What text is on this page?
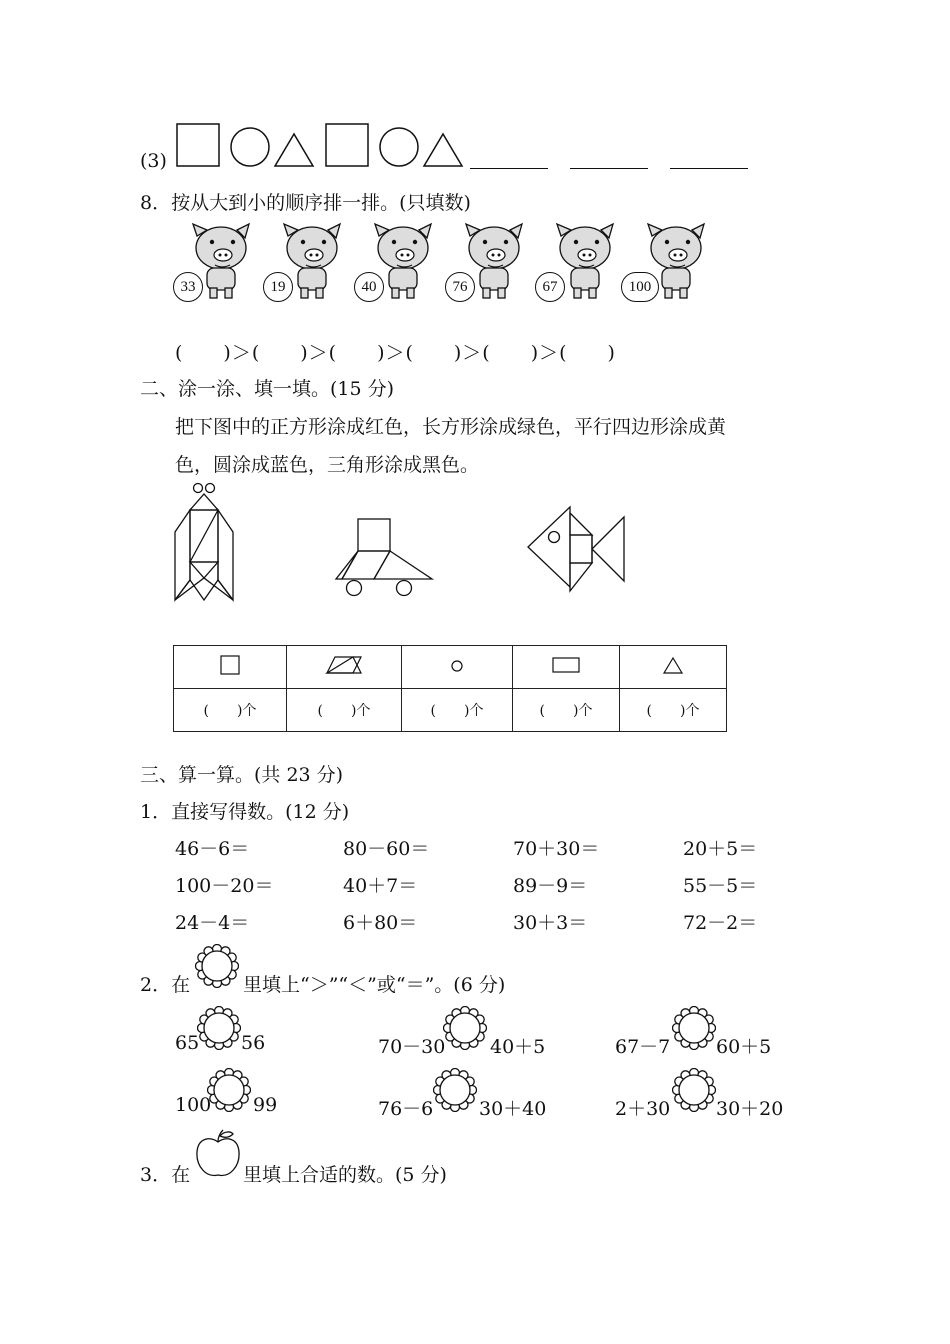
(3)
8．按从大到小的顺序排一排。(只填数)
33	19	40	76	67	100
(　　)＞(　　)＞(　　)＞(　　)＞(　　)＞(　　)
二、涂一涂、填一填。(15 分)
把下图中的正方形涂成红色，长方形涂成绿色，平行四边形涂成黄
色，圆涂成蓝色，三角形涂成黑色。

(　　)个	(　　)个	(　　)个	(　　)个	(　　)个
三、算一算。(共 23 分)
1．直接写得数。(12 分)
46－6＝	80－60＝	70＋30＝	20＋5＝
100－20＝	40＋7＝	89－9＝	55－5＝
24－4＝	6＋80＝	30＋3＝	72－2＝
2．在	里填上“＞”“＜”或“＝”。(6 分)
65 56	70－30 40＋5	67－7 60＋5
100 99	76－6 30＋40	2＋30 30＋20
3．在	里填上合适的数。(5 分)
